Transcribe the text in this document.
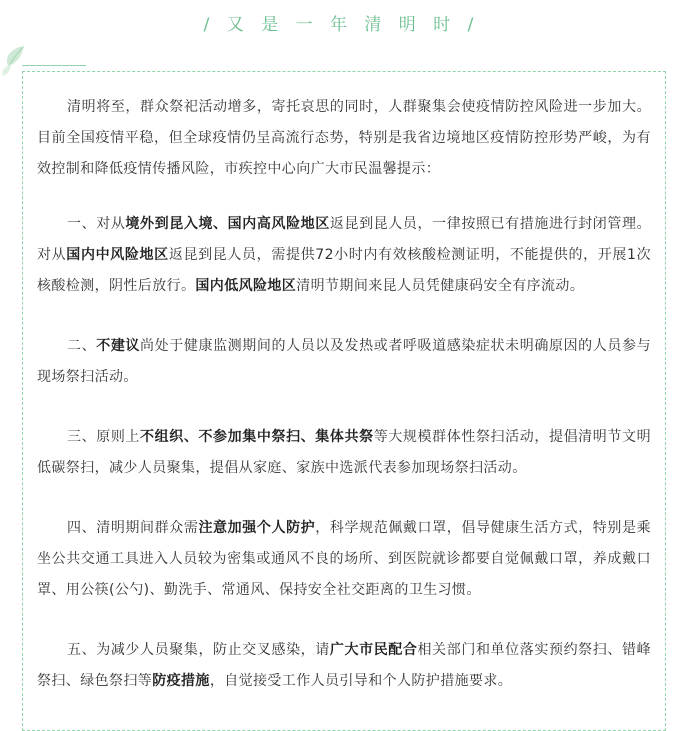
/ 又 是 一 年 清 明 时 /

清明将至，群众祭祀活动增多，寄托哀思的同时，人群聚集会使疫情防控风险进一步加大。目前全国疫情平稳，但全球疫情仍呈高流行态势，特别是我省边境地区疫情防控形势严峻，为有效控制和降低疫情传播风险，市疾控中心向广大市民温馨提示：

一、对从境外到昆入境、国内高风险地区返昆到昆人员，一律按照已有措施进行封闭管理。对从国内中风险地区返昆到昆人员，需提供72小时内有效核酸检测证明，不能提供的，开展1次核酸检测，阴性后放行。国内低风险地区清明节期间来昆人员凭健康码安全有序流动。

二、不建议尚处于健康监测期间的人员以及发热或者呼吸道感染症状未明确原因的人员参与现场祭扫活动。

三、原则上不组织、不参加集中祭扫、集体共祭等大规模群体性祭扫活动，提倡清明节文明低碳祭扫，减少人员聚集，提倡从家庭、家族中选派代表参加现场祭扫活动。

四、清明期间群众需注意加强个人防护，科学规范佩戴口罩，倡导健康生活方式，特别是乘坐公共交通工具进入人员较为密集或通风不良的场所、到医院就诊都要自觉佩戴口罩，养成戴口罩、用公筷(公勺)、勤洗手、常通风、保持安全社交距离的卫生习惯。

五、为减少人员聚集，防止交叉感染，请广大市民配合相关部门和单位落实预约祭扫、错峰祭扫、绿色祭扫等防疫措施，自觉接受工作人员引导和个人防护措施要求。
